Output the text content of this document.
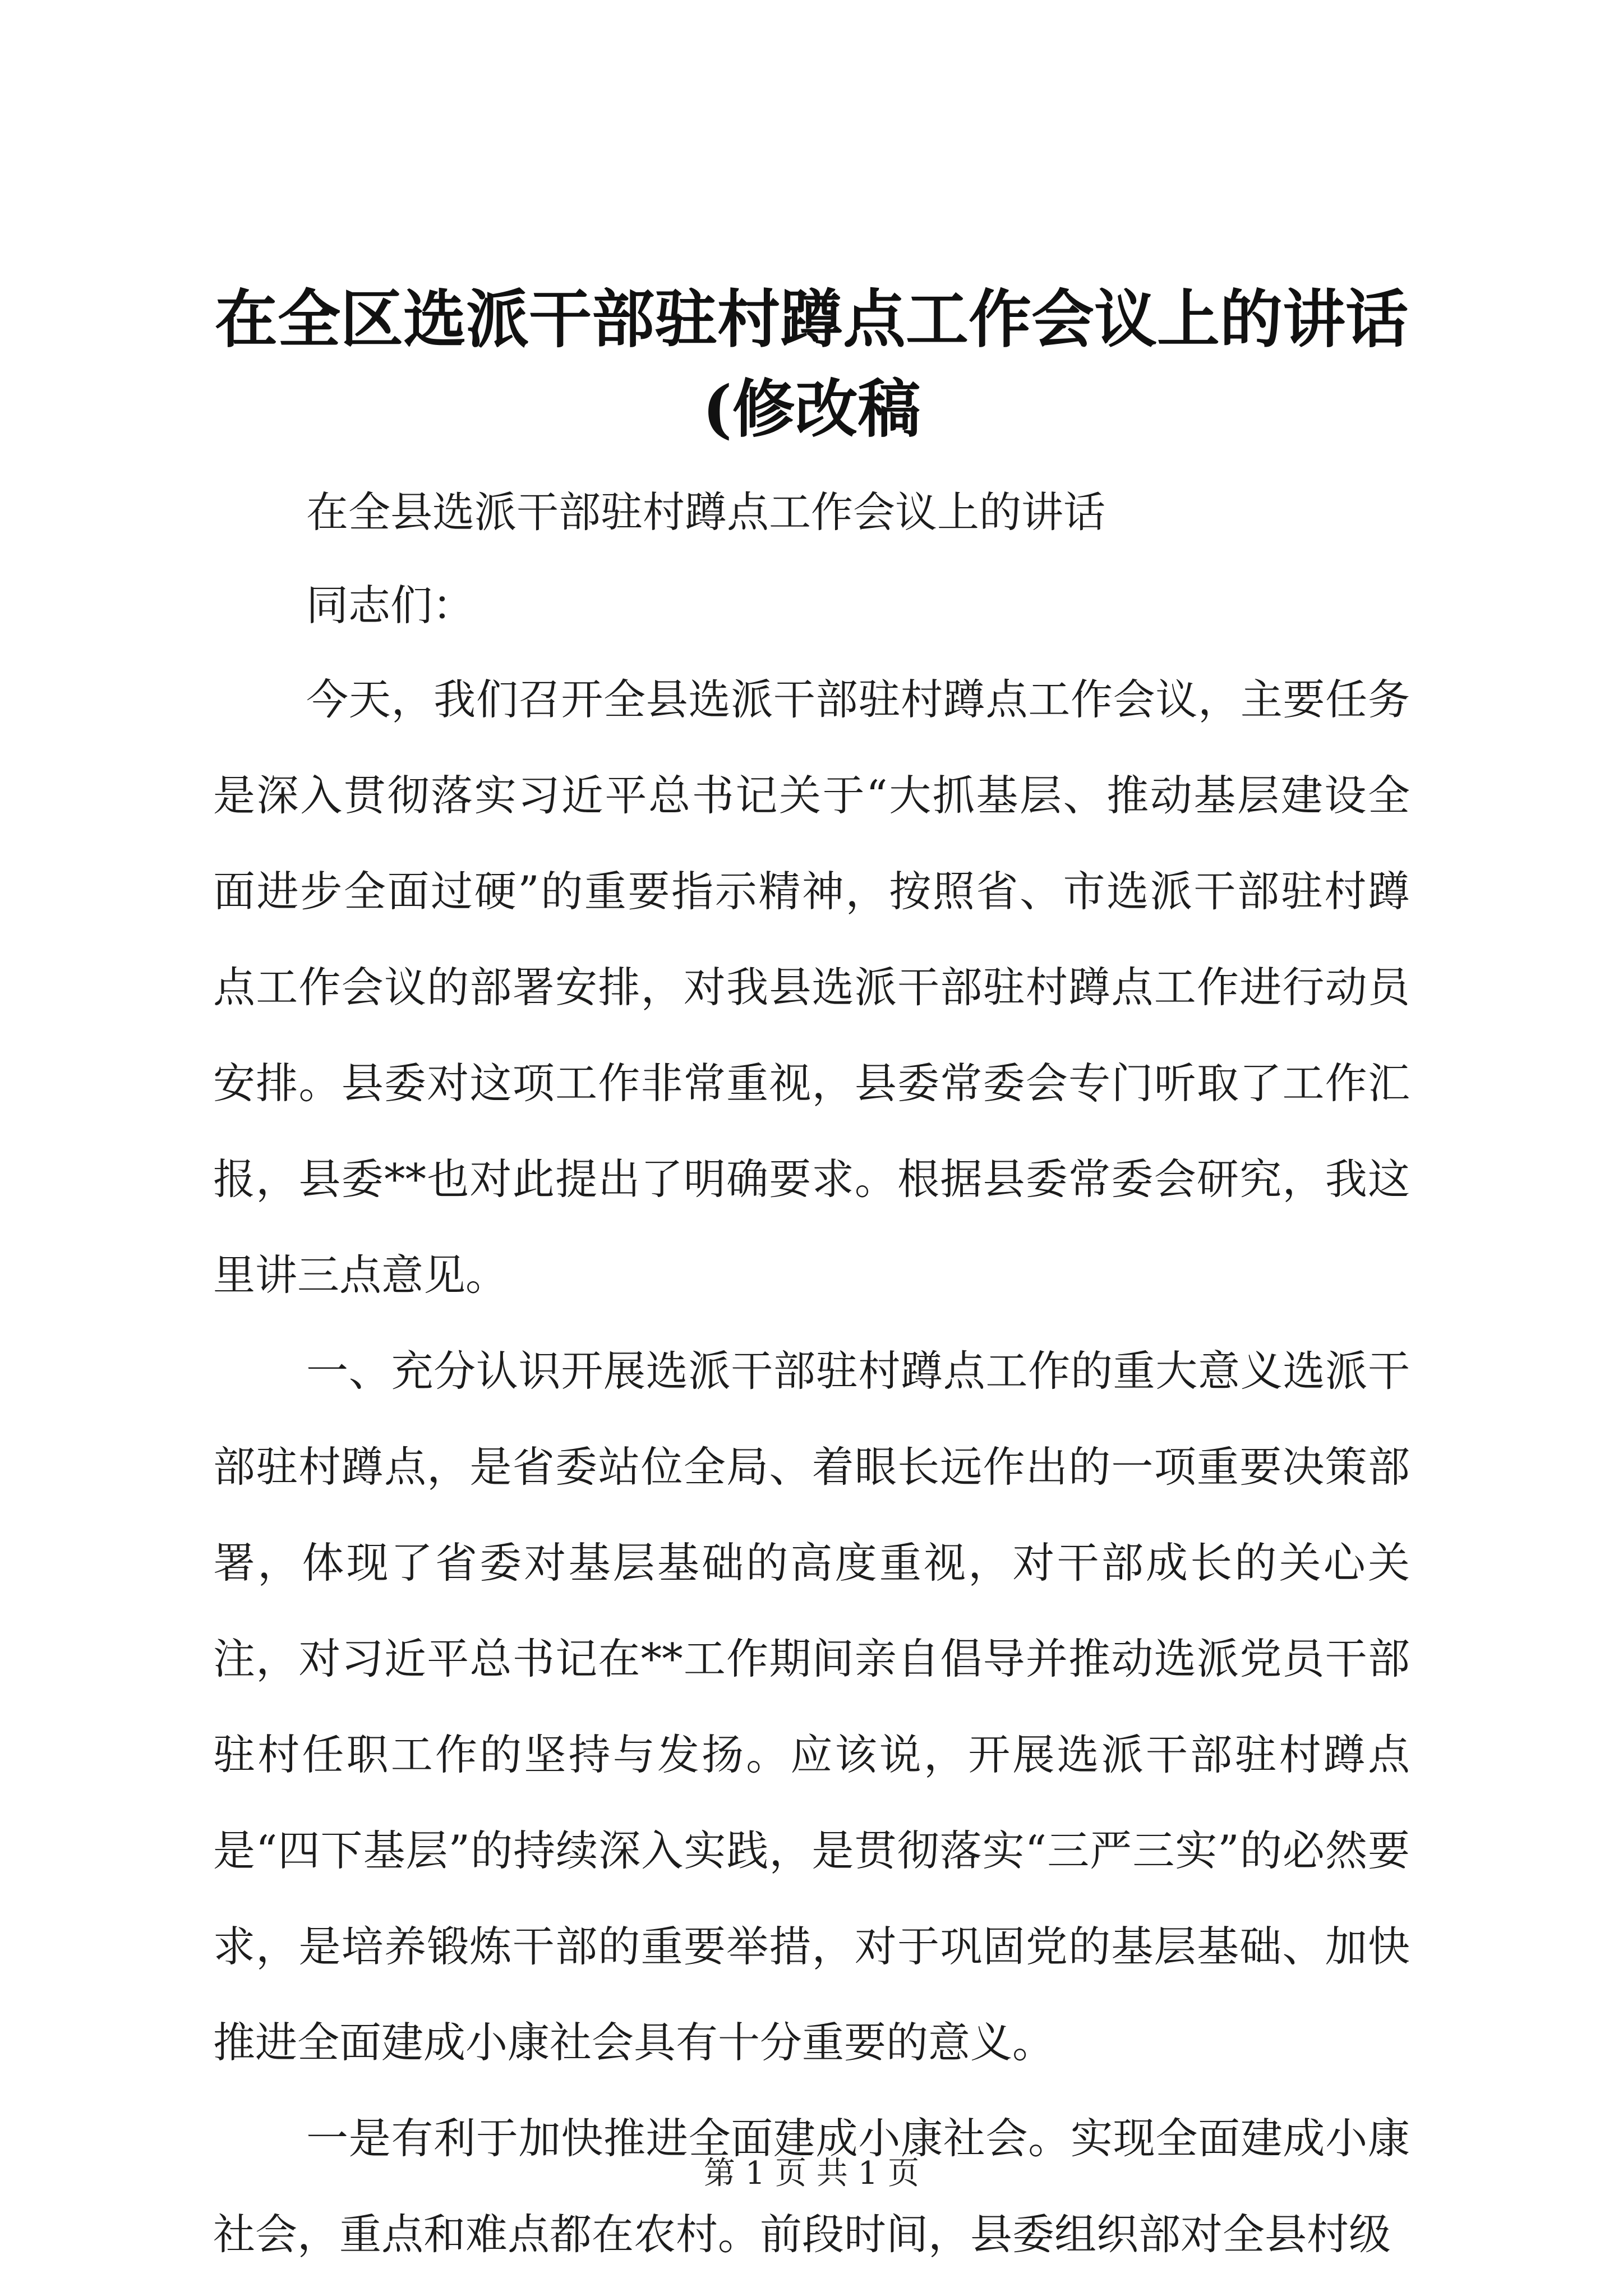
在全区选派干部驻村蹲点工作会议上的讲话
(修改稿

在全县选派干部驻村蹲点工作会议上的讲话

同志们：

今天，我们召开全县选派干部驻村蹲点工作会议，主要任务是深入贯彻落实习近平总书记关于“大抓基层、推动基层建设全面进步全面过硬”的重要指示精神，按照省、市选派干部驻村蹲点工作会议的部署安排，对我县选派干部驻村蹲点工作进行动员安排。县委对这项工作非常重视，县委常委会专门听取了工作汇报，县委**也对此提出了明确要求。根据县委常委会研究，我这里讲三点意见。

一、充分认识开展选派干部驻村蹲点工作的重大意义选派干部驻村蹲点，是省委站位全局、着眼长远作出的一项重要决策部署，体现了省委对基层基础的高度重视，对干部成长的关心关注，对习近平总书记在**工作期间亲自倡导并推动选派党员干部驻村任职工作的坚持与发扬。应该说，开展选派干部驻村蹲点是“四下基层”的持续深入实践，是贯彻落实“三严三实”的必然要求，是培养锻炼干部的重要举措，对于巩固党的基层基础、加快推进全面建成小康社会具有十分重要的意义。

一是有利于加快推进全面建成小康社会。实现全面建成小康社会，重点和难点都在农村。前段时间，县委组织部对全县村级

第 1 页 共 1 页
